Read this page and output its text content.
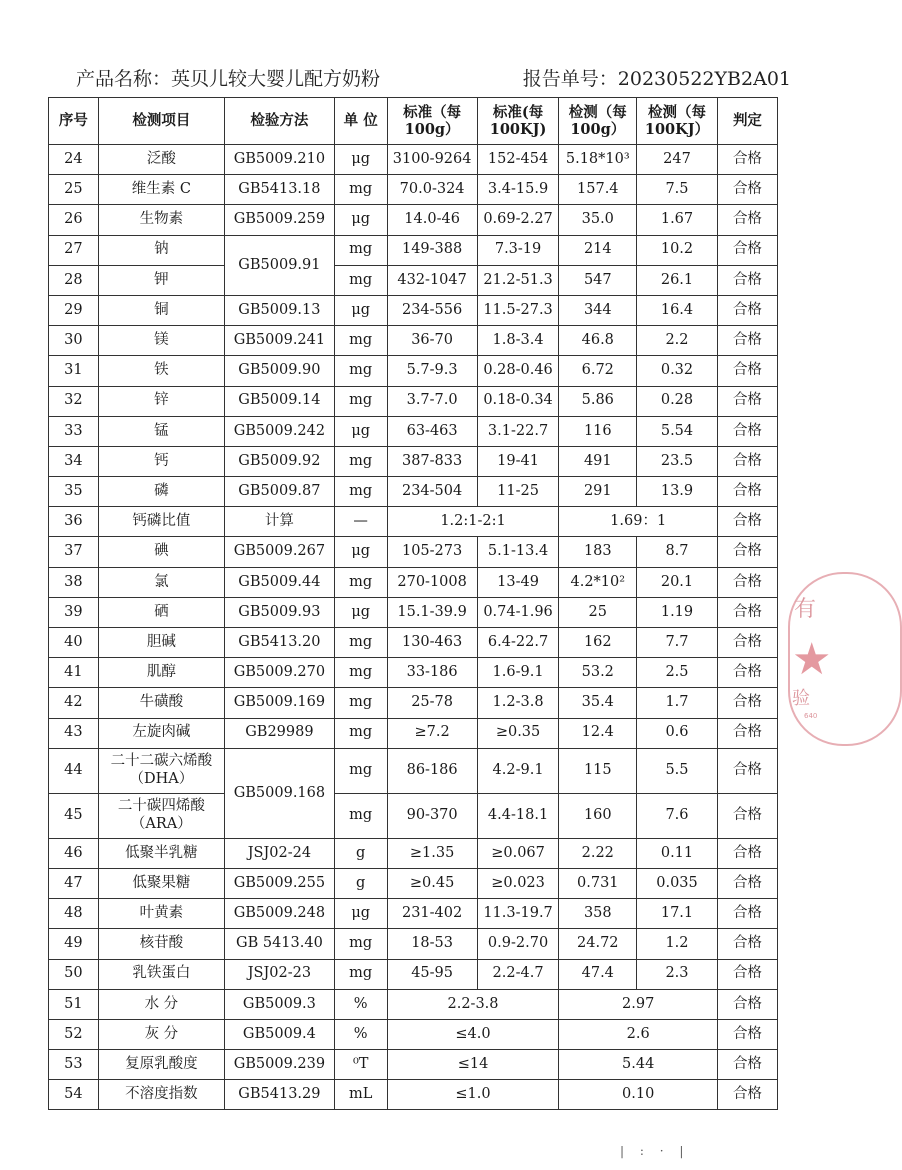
产品名称：英贝儿较大婴儿配方奶粉	报告单号：20230522YB2A01
序号	检测项目	检验方法	单 位	标准（每100g）	标准(每100KJ)	检测（每100g）	检测（每100KJ）	判定
24	泛酸	GB5009.210	μg	3100-9264	152-454	5.18*10³	247	合格
25	维生素 C	GB5413.18	mg	70.0-324	3.4-15.9	157.4	7.5	合格
26	生物素	GB5009.259	μg	14.0-46	0.69-2.27	35.0	1.67	合格
27	钠	GB5009.91	mg	149-388	7.3-19	214	10.2	合格
28	钾		mg	432-1047	21.2-51.3	547	26.1	合格
29	铜	GB5009.13	μg	234-556	11.5-27.3	344	16.4	合格
30	镁	GB5009.241	mg	36-70	1.8-3.4	46.8	2.2	合格
31	铁	GB5009.90	mg	5.7-9.3	0.28-0.46	6.72	0.32	合格
32	锌	GB5009.14	mg	3.7-7.0	0.18-0.34	5.86	0.28	合格
33	锰	GB5009.242	μg	63-463	3.1-22.7	116	5.54	合格
34	钙	GB5009.92	mg	387-833	19-41	491	23.5	合格
35	磷	GB5009.87	mg	234-504	11-25	291	13.9	合格
36	钙磷比值	计算	—	1.2:1-2:1		1.69：1		合格
37	碘	GB5009.267	μg	105-273	5.1-13.4	183	8.7	合格
38	氯	GB5009.44	mg	270-1008	13-49	4.2*10²	20.1	合格
39	硒	GB5009.93	μg	15.1-39.9	0.74-1.96	25	1.19	合格
40	胆碱	GB5413.20	mg	130-463	6.4-22.7	162	7.7	合格
41	肌醇	GB5009.270	mg	33-186	1.6-9.1	53.2	2.5	合格
42	牛磺酸	GB5009.169	mg	25-78	1.2-3.8	35.4	1.7	合格
43	左旋肉碱	GB29989	mg	≥7.2	≥0.35	12.4	0.6	合格
44	二十二碳六烯酸（DHA）	GB5009.168	mg	86-186	4.2-9.1	115	5.5	合格
45	二十碳四烯酸（ARA）		mg	90-370	4.4-18.1	160	7.6	合格
46	低聚半乳糖	JSJ02-24	g	≥1.35	≥0.067	2.22	0.11	合格
47	低聚果糖	GB5009.255	g	≥0.45	≥0.023	0.731	0.035	合格
48	叶黄素	GB5009.248	μg	231-402	11.3-19.7	358	17.1	合格
49	核苷酸	GB 5413.40	mg	18-53	0.9-2.70	24.72	1.2	合格
50	乳铁蛋白	JSJ02-23	mg	45-95	2.2-4.7	47.4	2.3	合格
51	水 分	GB5009.3	%	2.2-3.8		2.97		合格
52	灰 分	GB5009.4	%	≤4.0		2.6		合格
53	复原乳酸度	GB5009.239	⁰T	≤14		5.44		合格
54	不溶度指数	GB5413.29	mL	≤1.0		0.10		合格
有
★
验
640
| : · |
